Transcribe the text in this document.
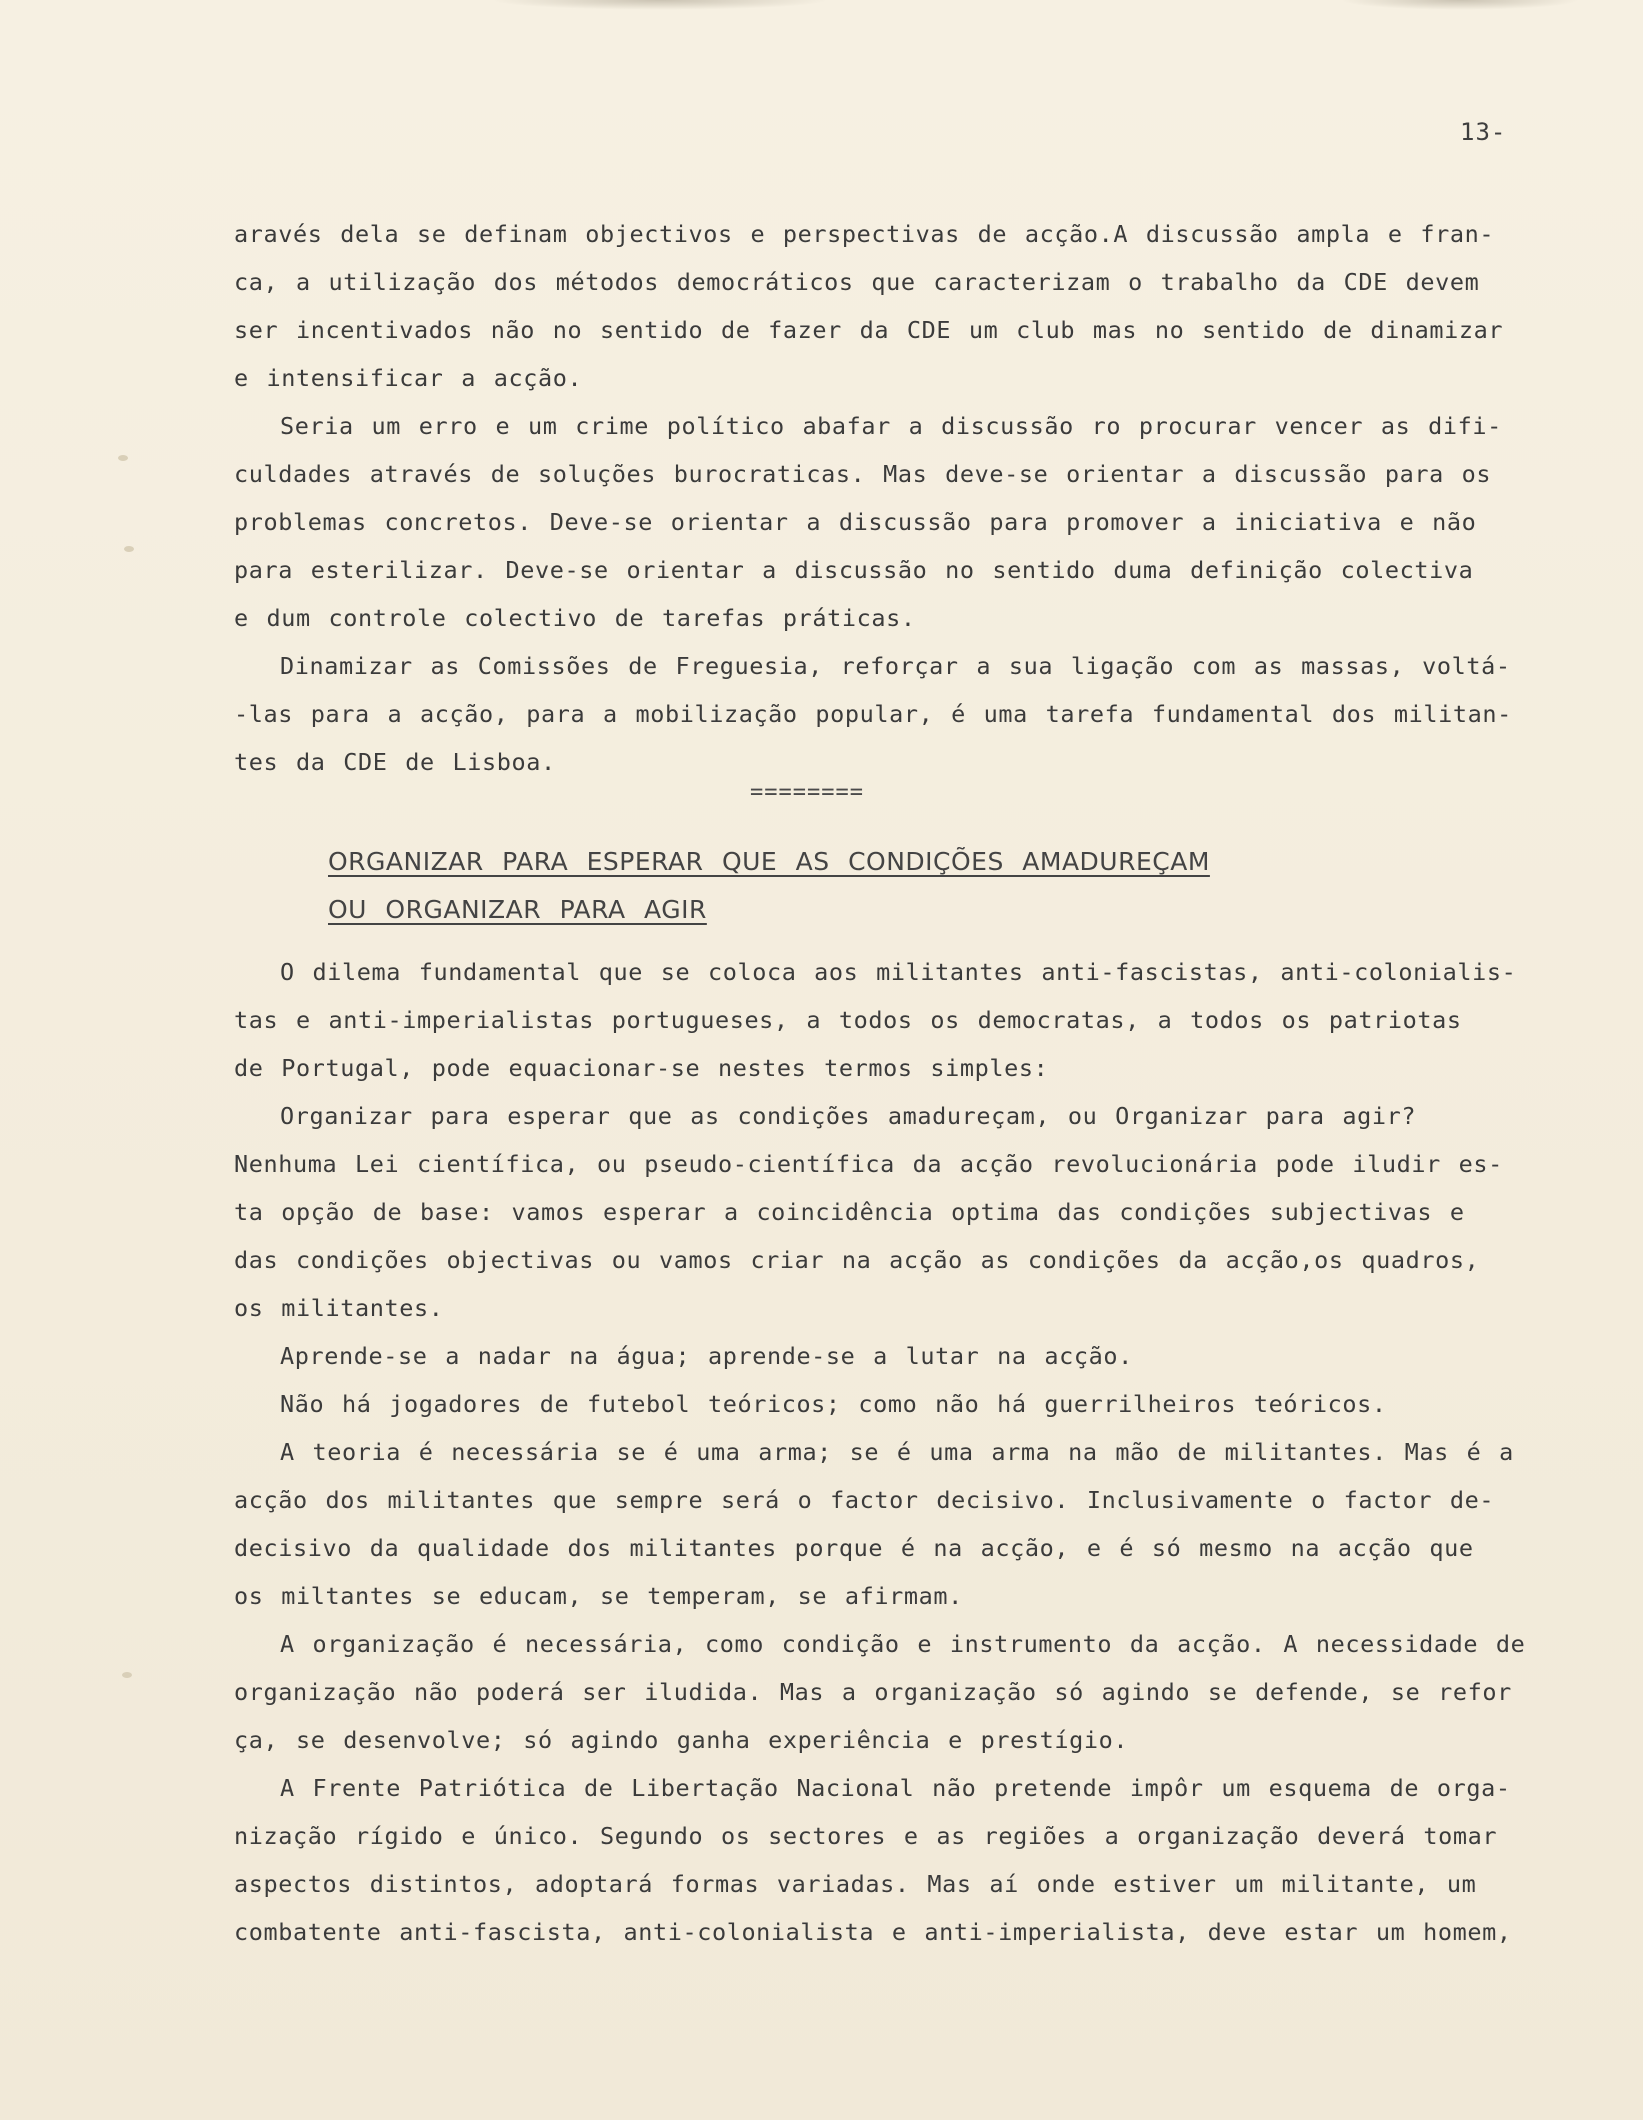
13-
aravés dela se definam objectivos e perspectivas de acção.A discussão ampla e fran-
ca, a utilização dos métodos democráticos que caracterizam o trabalho da CDE devem
ser incentivados não no sentido de fazer da CDE um club mas no sentido de dinamizar
e intensificar a acção.
Seria um erro e um crime político abafar a discussão ro procurar vencer as difi-
culdades através de soluções burocraticas. Mas deve-se orientar a discussão para os
problemas concretos. Deve-se orientar a discussão para promover a iniciativa e não
para esterilizar. Deve-se orientar a discussão no sentido duma definição colectiva
e dum controle colectivo de tarefas práticas.
Dinamizar as Comissões de Freguesia, reforçar a sua ligação com as massas, voltá-
-las para a acção, para a mobilização popular, é uma tarefa fundamental dos militan-
tes da CDE de Lisboa.
========
ORGANIZAR PARA ESPERAR QUE AS CONDIÇÕES AMADUREÇAM
OU ORGANIZAR PARA AGIR
O dilema fundamental que se coloca aos militantes anti-fascistas, anti-colonialis-
tas e anti-imperialistas portugueses, a todos os democratas, a todos os patriotas
de Portugal, pode equacionar-se nestes termos simples:
Organizar para esperar que as condições amadureçam, ou Organizar para agir?
Nenhuma Lei científica, ou pseudo-científica da acção revolucionária pode iludir es-
ta opção de base: vamos esperar a coincidência optima das condições subjectivas e
das condições objectivas ou vamos criar na acção as condições da acção,os quadros,
os militantes.
Aprende-se a nadar na água; aprende-se a lutar na acção.
Não há jogadores de futebol teóricos; como não há guerrilheiros teóricos.
A teoria é necessária se é uma arma; se é uma arma na mão de militantes. Mas é a
acção dos militantes que sempre será o factor decisivo. Inclusivamente o factor de-
decisivo da qualidade dos militantes porque é na acção, e é só mesmo na acção que
os miltantes se educam, se temperam, se afirmam.
A organização é necessária, como condição e instrumento da acção. A necessidade de
organização não poderá ser iludida. Mas a organização só agindo se defende, se refor
ça, se desenvolve; só agindo ganha experiência e prestígio.
A Frente Patriótica de Libertação Nacional não pretende impôr um esquema de orga-
nização rígido e único. Segundo os sectores e as regiões a organização deverá tomar
aspectos distintos, adoptará formas variadas. Mas aí onde estiver um militante, um
combatente anti-fascista, anti-colonialista e anti-imperialista, deve estar um homem,
